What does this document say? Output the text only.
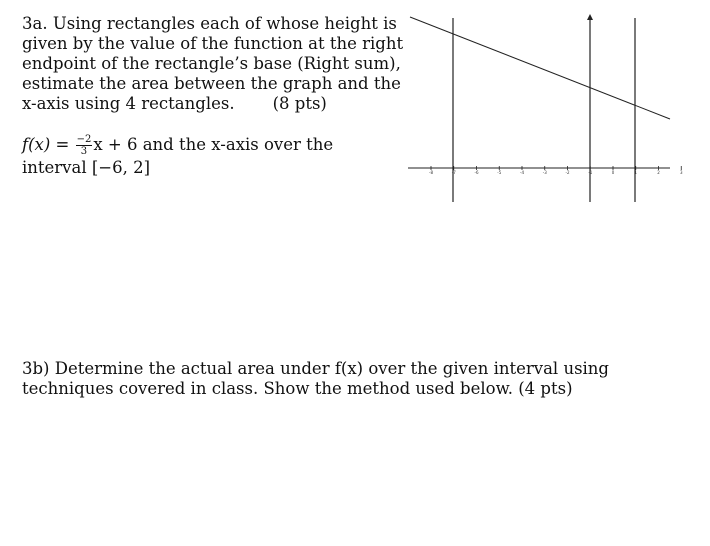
3a. Using rectangles each of whose height is

given by the value of the function at the right

endpoint of the rectangle’s base (Right sum),

estimate the area between the graph and the

x-axis using 4 rectangles. (8 pts)

$f(x) = \frac{-2}{3}$ x + 6 and the x-axis over the
interval [−6, 2]

3b) Determine the actual area under f(x) over the given interval using

techniques covered in class. Show the method used below. (4 pts)

-8	-7	-6	-5	-4	-3	-2	-1	0	1	2	3
